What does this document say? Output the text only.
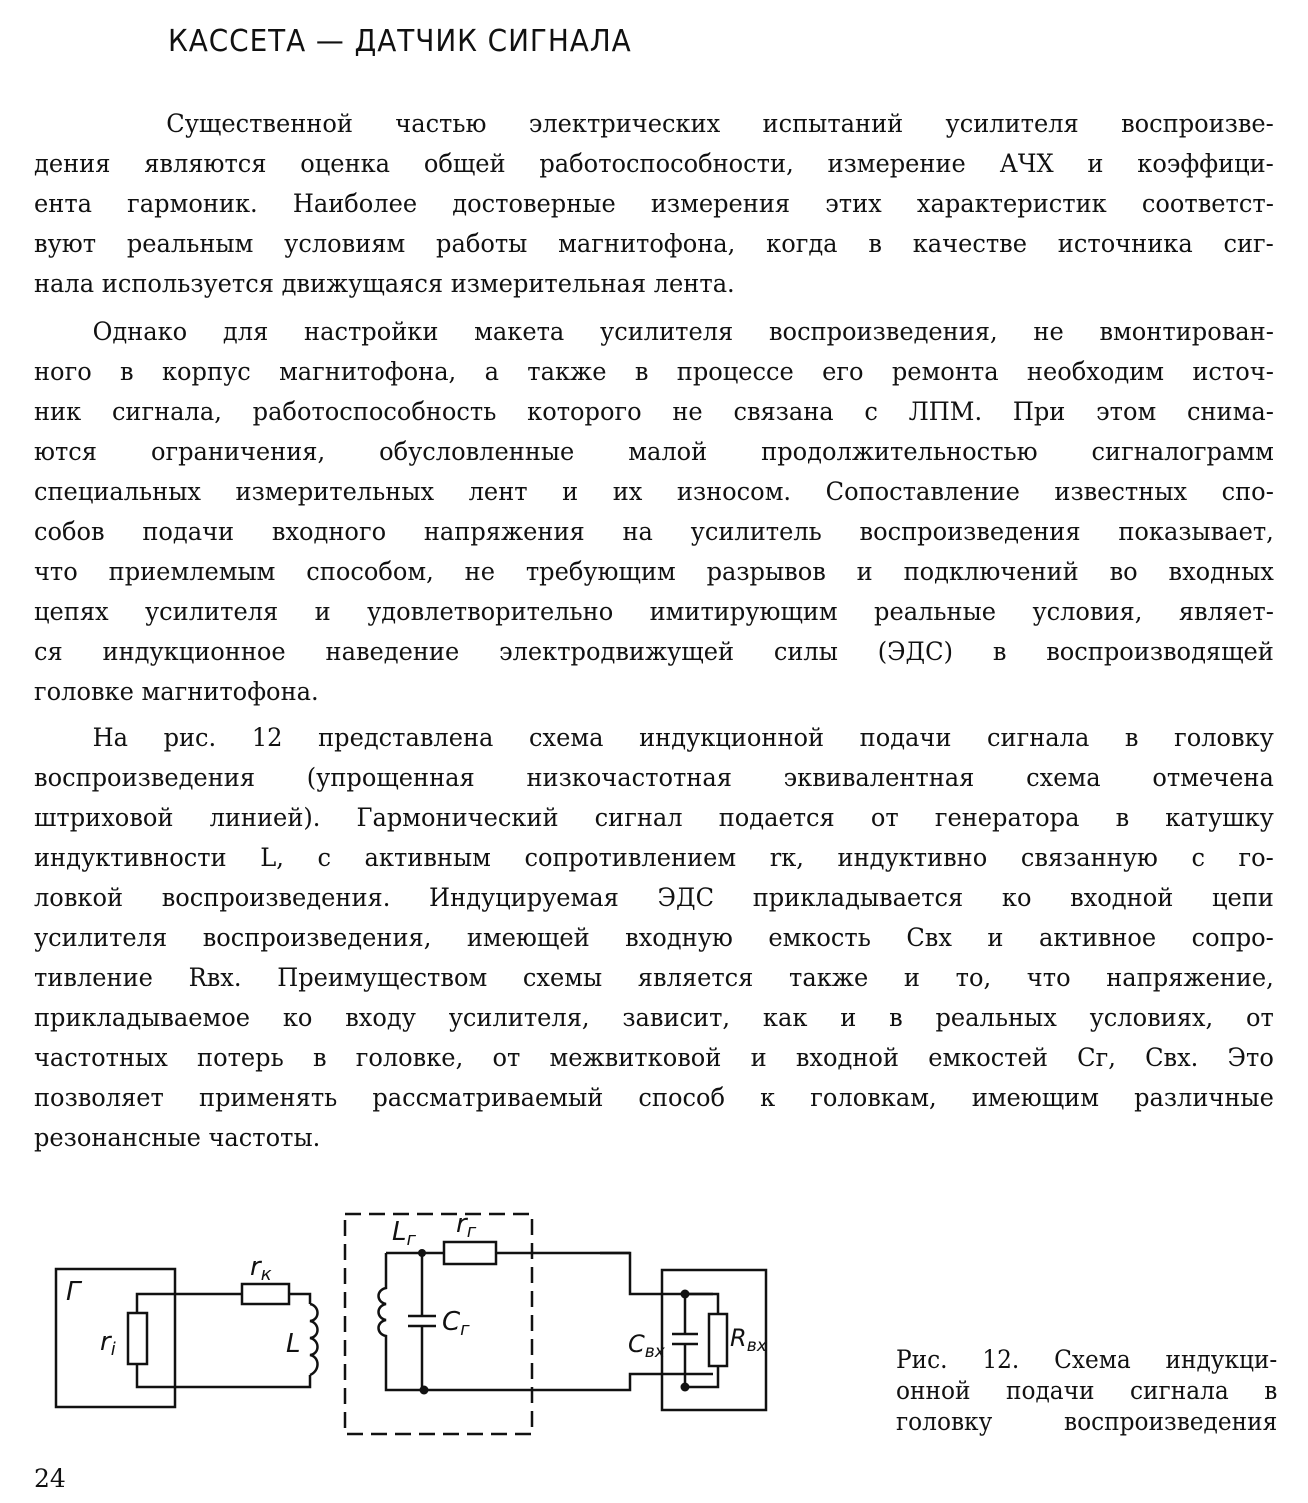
КАССЕТА — ДАТЧИК СИГНАЛА
Существенной частью электрических испытаний усилителя воспроизве-
дения являются оценка общей работоспособности, измерение АЧХ и коэффици-
ента гармоник. Наиболее достоверные измерения этих характеристик соответст-
вуют реальным условиям работы магнитофона, когда в качестве источника сиг-
нала используется движущаяся измерительная лента.
Однако для настройки макета усилителя воспроизведения, не вмонтирован-
ного в корпус магнитофона, а также в процессе его ремонта необходим источ-
ник сигнала, работоспособность которого не связана с ЛПМ. При этом снима-
ются ограничения, обусловленные малой продолжительностью сигналограмм
специальных измерительных лент и их износом. Сопоставление известных спо-
собов подачи входного напряжения на усилитель воспроизведения показывает,
что приемлемым способом, не требующим разрывов и подключений во входных
цепях усилителя и удовлетворительно имитирующим реальные условия, являет-
ся индукционное наведение электродвижущей силы (ЭДС) в воспроизводящей
головке магнитофона.
На рис. 12 представлена схема индукционной подачи сигнала в головку
воспроизведения (упрощенная низкочастотная эквивалентная схема отмечена
штриховой линией). Гармонический сигнал подается от генератора в катушку
индуктивности L, с активным сопротивлением rк, индуктивно связанную с го-
ловкой воспроизведения. Индуцируемая ЭДС прикладывается ко входной цепи
усилителя воспроизведения, имеющей входную емкость Cвх и активное сопро-
тивление Rвх. Преимуществом схемы является также и то, что напряжение,
прикладываемое ко входу усилителя, зависит, как и в реальных условиях, от
частотных потерь в головке, от межвитковой и входной емкостей Cг, Cвх. Это
позволяет применять рассматриваемый способ к головкам, имеющим различные
резонансные частоты.
Г
ri
rк
L
Lг
rг
Cг
Cвх	Rвх	Рис. 12. Схема индукци-
онной подачи сигнала в
головку воспроизведения
24
